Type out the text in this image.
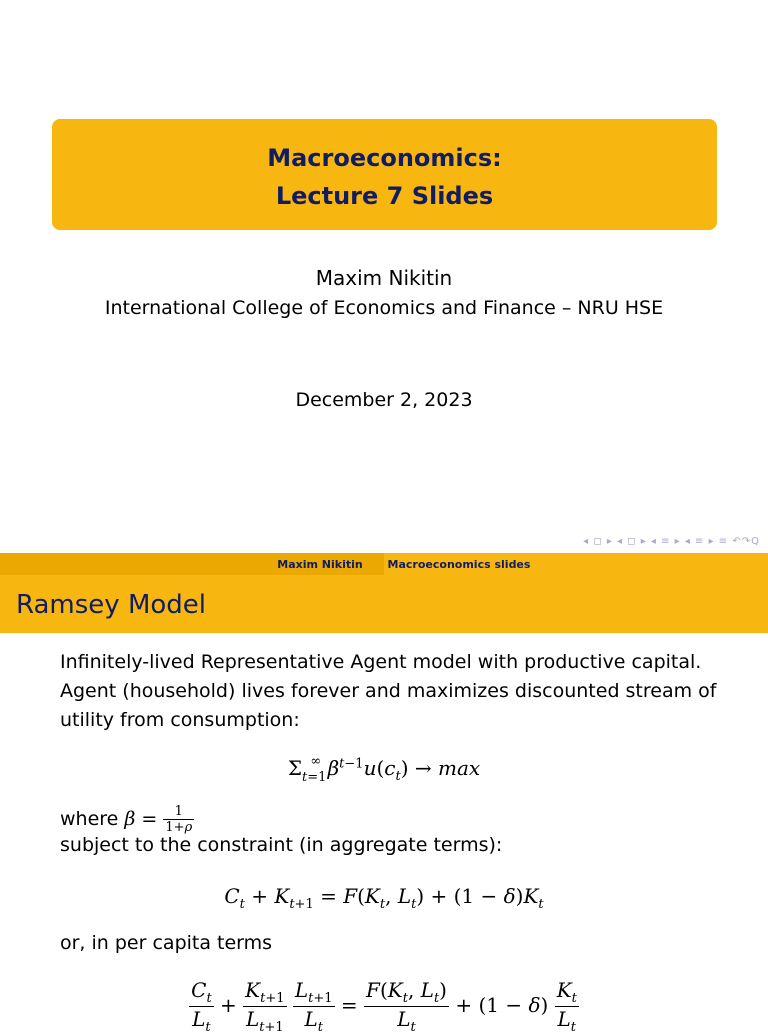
Macroeconomics:
Lecture 7 Slides
Maxim Nikitin
International College of Economics and Finance – NRU HSE
December 2, 2023
◂ ◻ ▸ ◂ ◻ ▸ ◂ ≡ ▸ ◂ ≡ ▸ ≡ ↶↷Q
Maxim Nikitin	Macroeconomics slides
Ramsey Model
Infinitely-lived Representative Agent model with productive capital. Agent (household) lives forever and maximizes discounted stream of utility from consumption:
$\Sigma_{t=1}^\infty$ $\beta^{t-1}u(c_t) \to \max$
where $\beta = \frac{1}{1+\rho}$
subject to the constraint (in aggregate terms):
$C_t + K_{t+1} = F(K_t$, $L_t) + (1 - \delta)K_t$
or, in per capita terms
$\frac{C_t}{L_t} + \frac{K_{t+1}}{L_{t+1}}$
$\frac{L_{t+1}}{L_t} = \frac{F(K_t, L_t)}{L_t} + (1 - \delta) \frac{K_t}{L_t}$
